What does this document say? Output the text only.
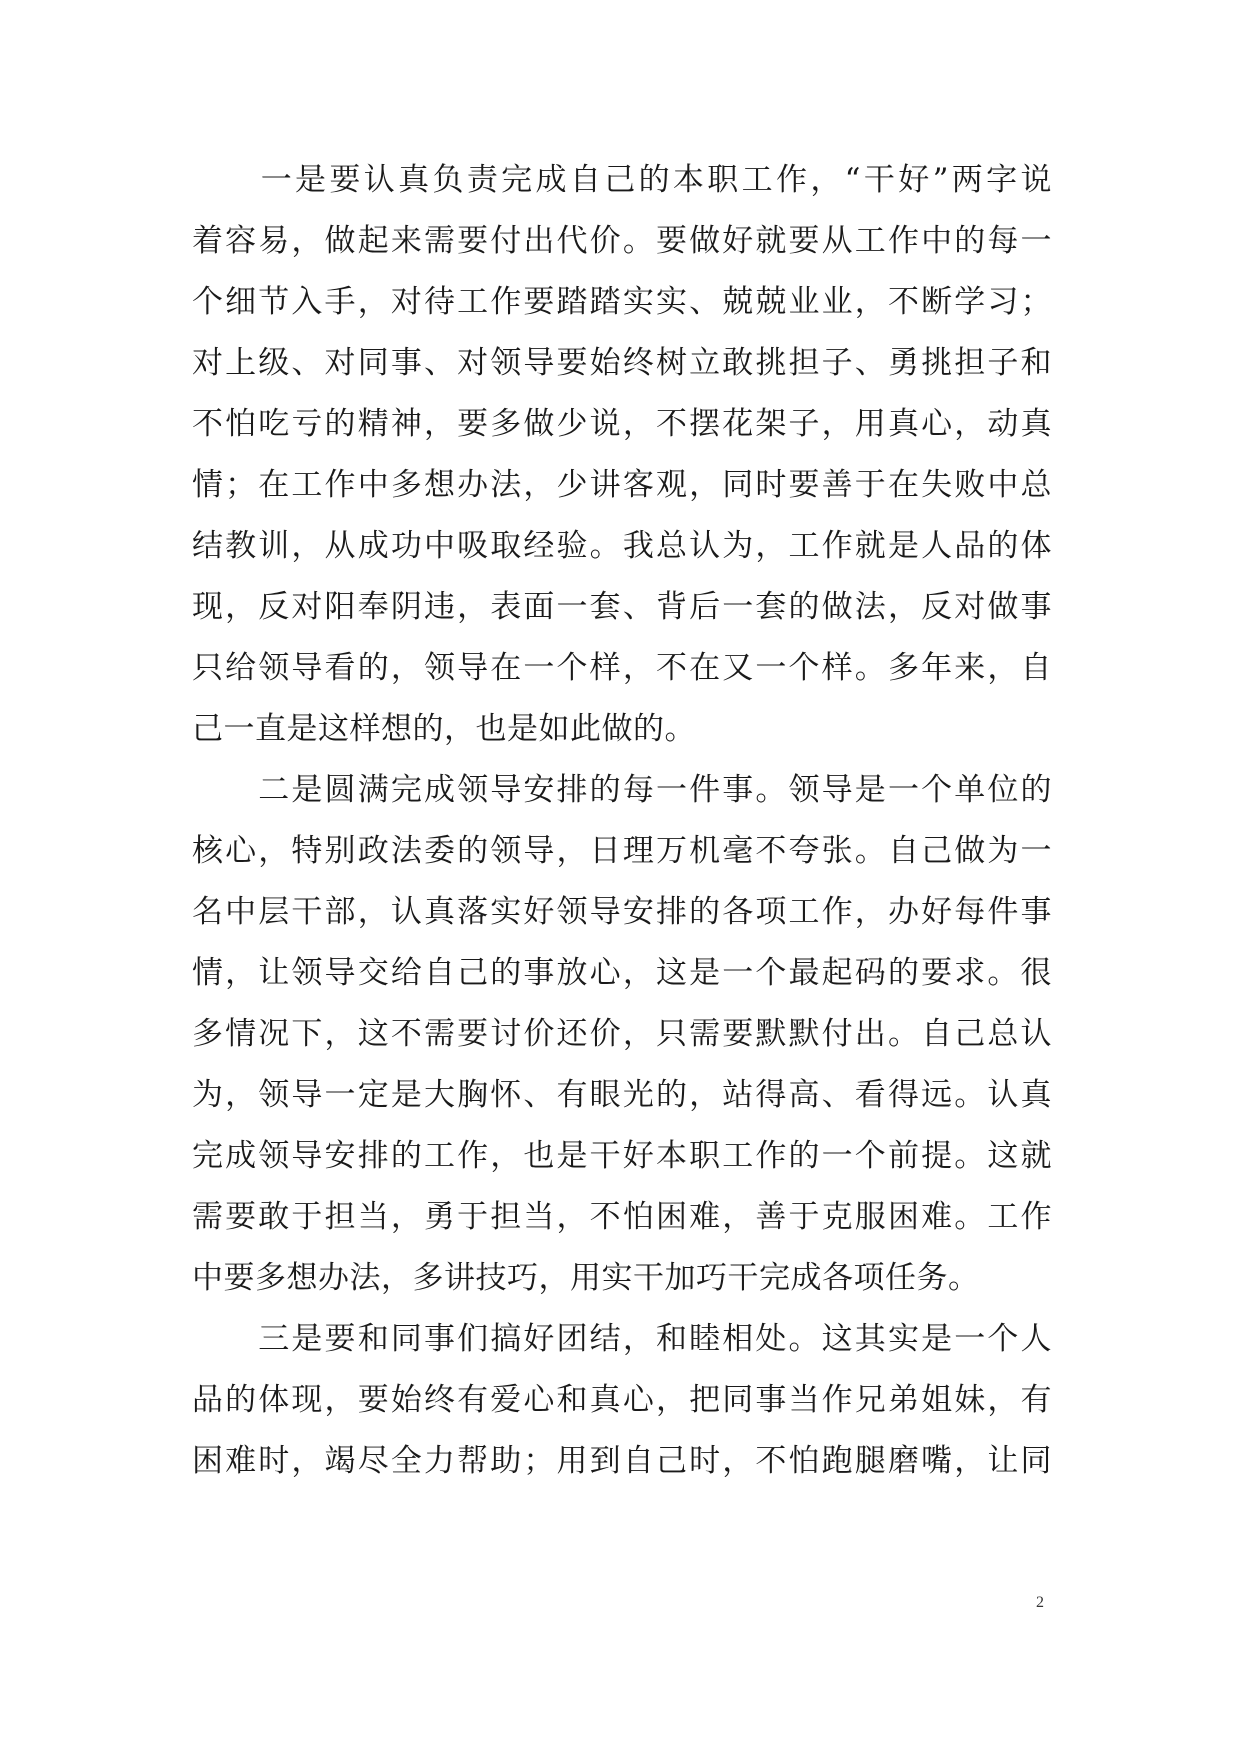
　　一是要认真负责完成自己的本职工作，“干好”两字说
着容易，做起来需要付出代价。要做好就要从工作中的每一
个细节入手，对待工作要踏踏实实、兢兢业业，不断学习；
对上级、对同事、对领导要始终树立敢挑担子、勇挑担子和
不怕吃亏的精神，要多做少说，不摆花架子，用真心，动真
情；在工作中多想办法，少讲客观，同时要善于在失败中总
结教训，从成功中吸取经验。我总认为，工作就是人品的体
现，反对阳奉阴违，表面一套、背后一套的做法，反对做事
只给领导看的，领导在一个样，不在又一个样。多年来，自
己一直是这样想的，也是如此做的。
　　二是圆满完成领导安排的每一件事。领导是一个单位的
核心，特别政法委的领导，日理万机毫不夸张。自己做为一
名中层干部，认真落实好领导安排的各项工作，办好每件事
情，让领导交给自己的事放心，这是一个最起码的要求。很
多情况下，这不需要讨价还价，只需要默默付出。自己总认
为，领导一定是大胸怀、有眼光的，站得高、看得远。认真
完成领导安排的工作，也是干好本职工作的一个前提。这就
需要敢于担当，勇于担当，不怕困难，善于克服困难。工作
中要多想办法，多讲技巧，用实干加巧干完成各项任务。
　　三是要和同事们搞好团结，和睦相处。这其实是一个人
品的体现，要始终有爱心和真心，把同事当作兄弟姐妹，有
困难时，竭尽全力帮助；用到自己时，不怕跑腿磨嘴，让同
2
